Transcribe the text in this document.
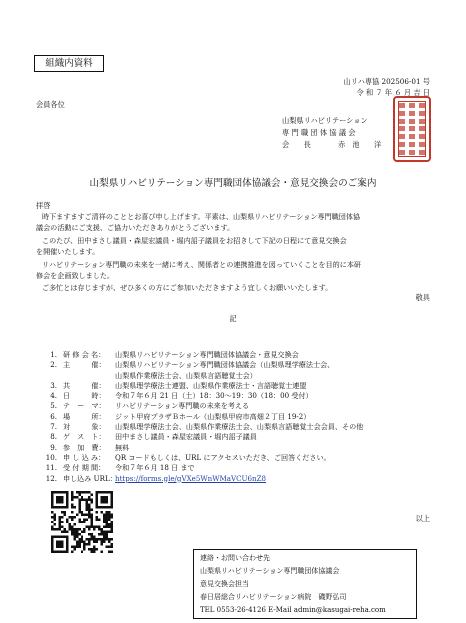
組織内資料
山リハ専協 202506-01 号
令 和 ７ 年 ６ 月 吉 日
会員各位
山梨県リハビリテーション
専 門 職 団 体 協 議 会
会　　長	赤　池　　洋
山梨県リハビリテーション専門職団体協議会・意見交換会のご案内
拝啓
時下ますますご清祥のこととお喜び申し上げます。平素は、山梨県リハビリテーション専門職団体協
議会の活動にご支援、ご協力いただきありがとうございます。
このたび、田中まさし議員・森屋宏議員・堀内詔子議員をお招きして下記の日程にて意見交換会
を開催いたします。
リハビリテーション専門職の未来を一緒に考え、関係者との連携推進を図っていくことを目的に本研
修会を企画致しました。
ご多忙とは存じますが、ぜひ多くの方にご参加いただきますよう宜しくお願いいたします。
敬具
記
1. 研 修 会 名： 山梨県リハビリテーション専門職団体協議会・意見交換会
2. 主　　　催： 山梨県リハビリテーション専門職団体協議会（山梨県理学療法士会、
山梨県作業療法士会、山梨県言語聴覚士会）
3. 共　　　催： 山梨県理学療法士連盟、山梨県作業療法士・言語聴覚士連盟
4. 日　　　時： 令和７年６月 21 日（土）18：30～19：30（18：00 受付）
5. テ　ー　マ： リハビリテーション専門職の未来を考える
6. 場　　　所： ジット甲府プラザＢホール（山梨県甲府市高畑２丁目 19-2）
7. 対　　　象： 山梨県理学療法士会、山梨県作業療法士会、山梨県言語聴覚士会会員、その他
8. ゲ　ス　ト： 田中まさし議員・森屋宏議員・堀内詔子議員
9. 参　加　費： 無料
10. 申 し 込 み： QR コードもしくは、URL にアクセスいただき、ご回答ください。
11. 受 付 期 間： 令和７年６月 18 日 まで
12. 申し込み URL：
https://forms.gle/gVXe5WnWMaVCU6nZ8
以上
連絡・お問い合わせ先
山梨県リハビリテーション専門職団体協議会
意見交換会担当
春日居総合リハビリテーション病院　磯野弘司
TEL 0553-26-4126 E-Mail admin@kasugai-reha.com
